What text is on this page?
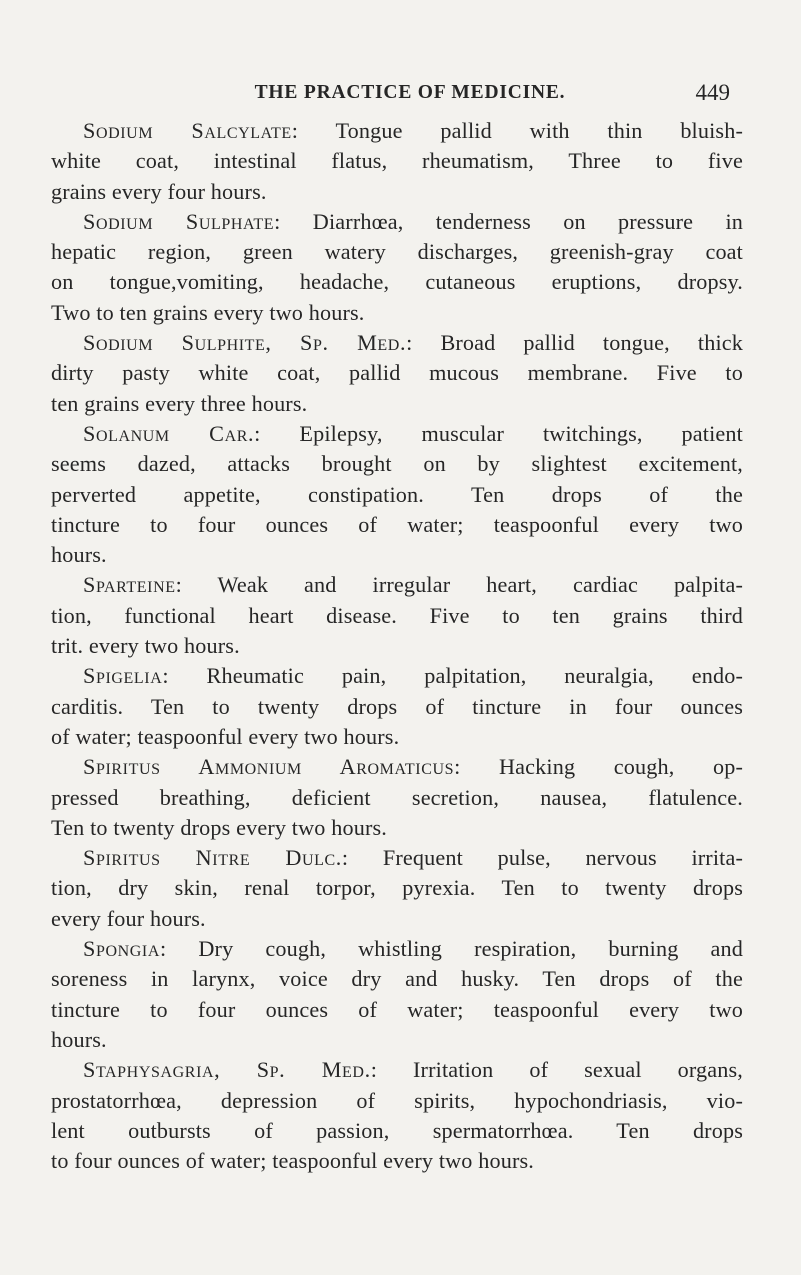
THE PRACTICE OF MEDICINE.	449
Sodium Salcylate: Tongue pallid with thin bluish-
white coat, intestinal flatus, rheumatism, Three to five
grains every four hours.
Sodium Sulphate: Diarrhœa, tenderness on pressure in
hepatic region, green watery discharges, greenish-gray coat
on tongue,vomiting, headache, cutaneous eruptions, dropsy.
Two to ten grains every two hours.
Sodium Sulphite, Sp. Med.: Broad pallid tongue, thick
dirty pasty white coat, pallid mucous membrane. Five to
ten grains every three hours.
Solanum Car.: Epilepsy, muscular twitchings, patient
seems dazed, attacks brought on by slightest excitement,
perverted appetite, constipation. Ten drops of the
tincture to four ounces of water; teaspoonful every two
hours.
Sparteine: Weak and irregular heart, cardiac palpita-
tion, functional heart disease. Five to ten grains third
trit. every two hours.
Spigelia: Rheumatic pain, palpitation, neuralgia, endo-
carditis. Ten to twenty drops of tincture in four ounces
of water; teaspoonful every two hours.
Spiritus Ammonium Aromaticus: Hacking cough, op-
pressed breathing, deficient secretion, nausea, flatulence.
Ten to twenty drops every two hours.
Spiritus Nitre Dulc.: Frequent pulse, nervous irrita-
tion, dry skin, renal torpor, pyrexia. Ten to twenty drops
every four hours.
Spongia: Dry cough, whistling respiration, burning and
soreness in larynx, voice dry and husky. Ten drops of the
tincture to four ounces of water; teaspoonful every two
hours.
Staphysagria, Sp. Med.: Irritation of sexual organs,
prostatorrhœa, depression of spirits, hypochondriasis, vio-
lent outbursts of passion, spermatorrhœa. Ten drops
to four ounces of water; teaspoonful every two hours.
